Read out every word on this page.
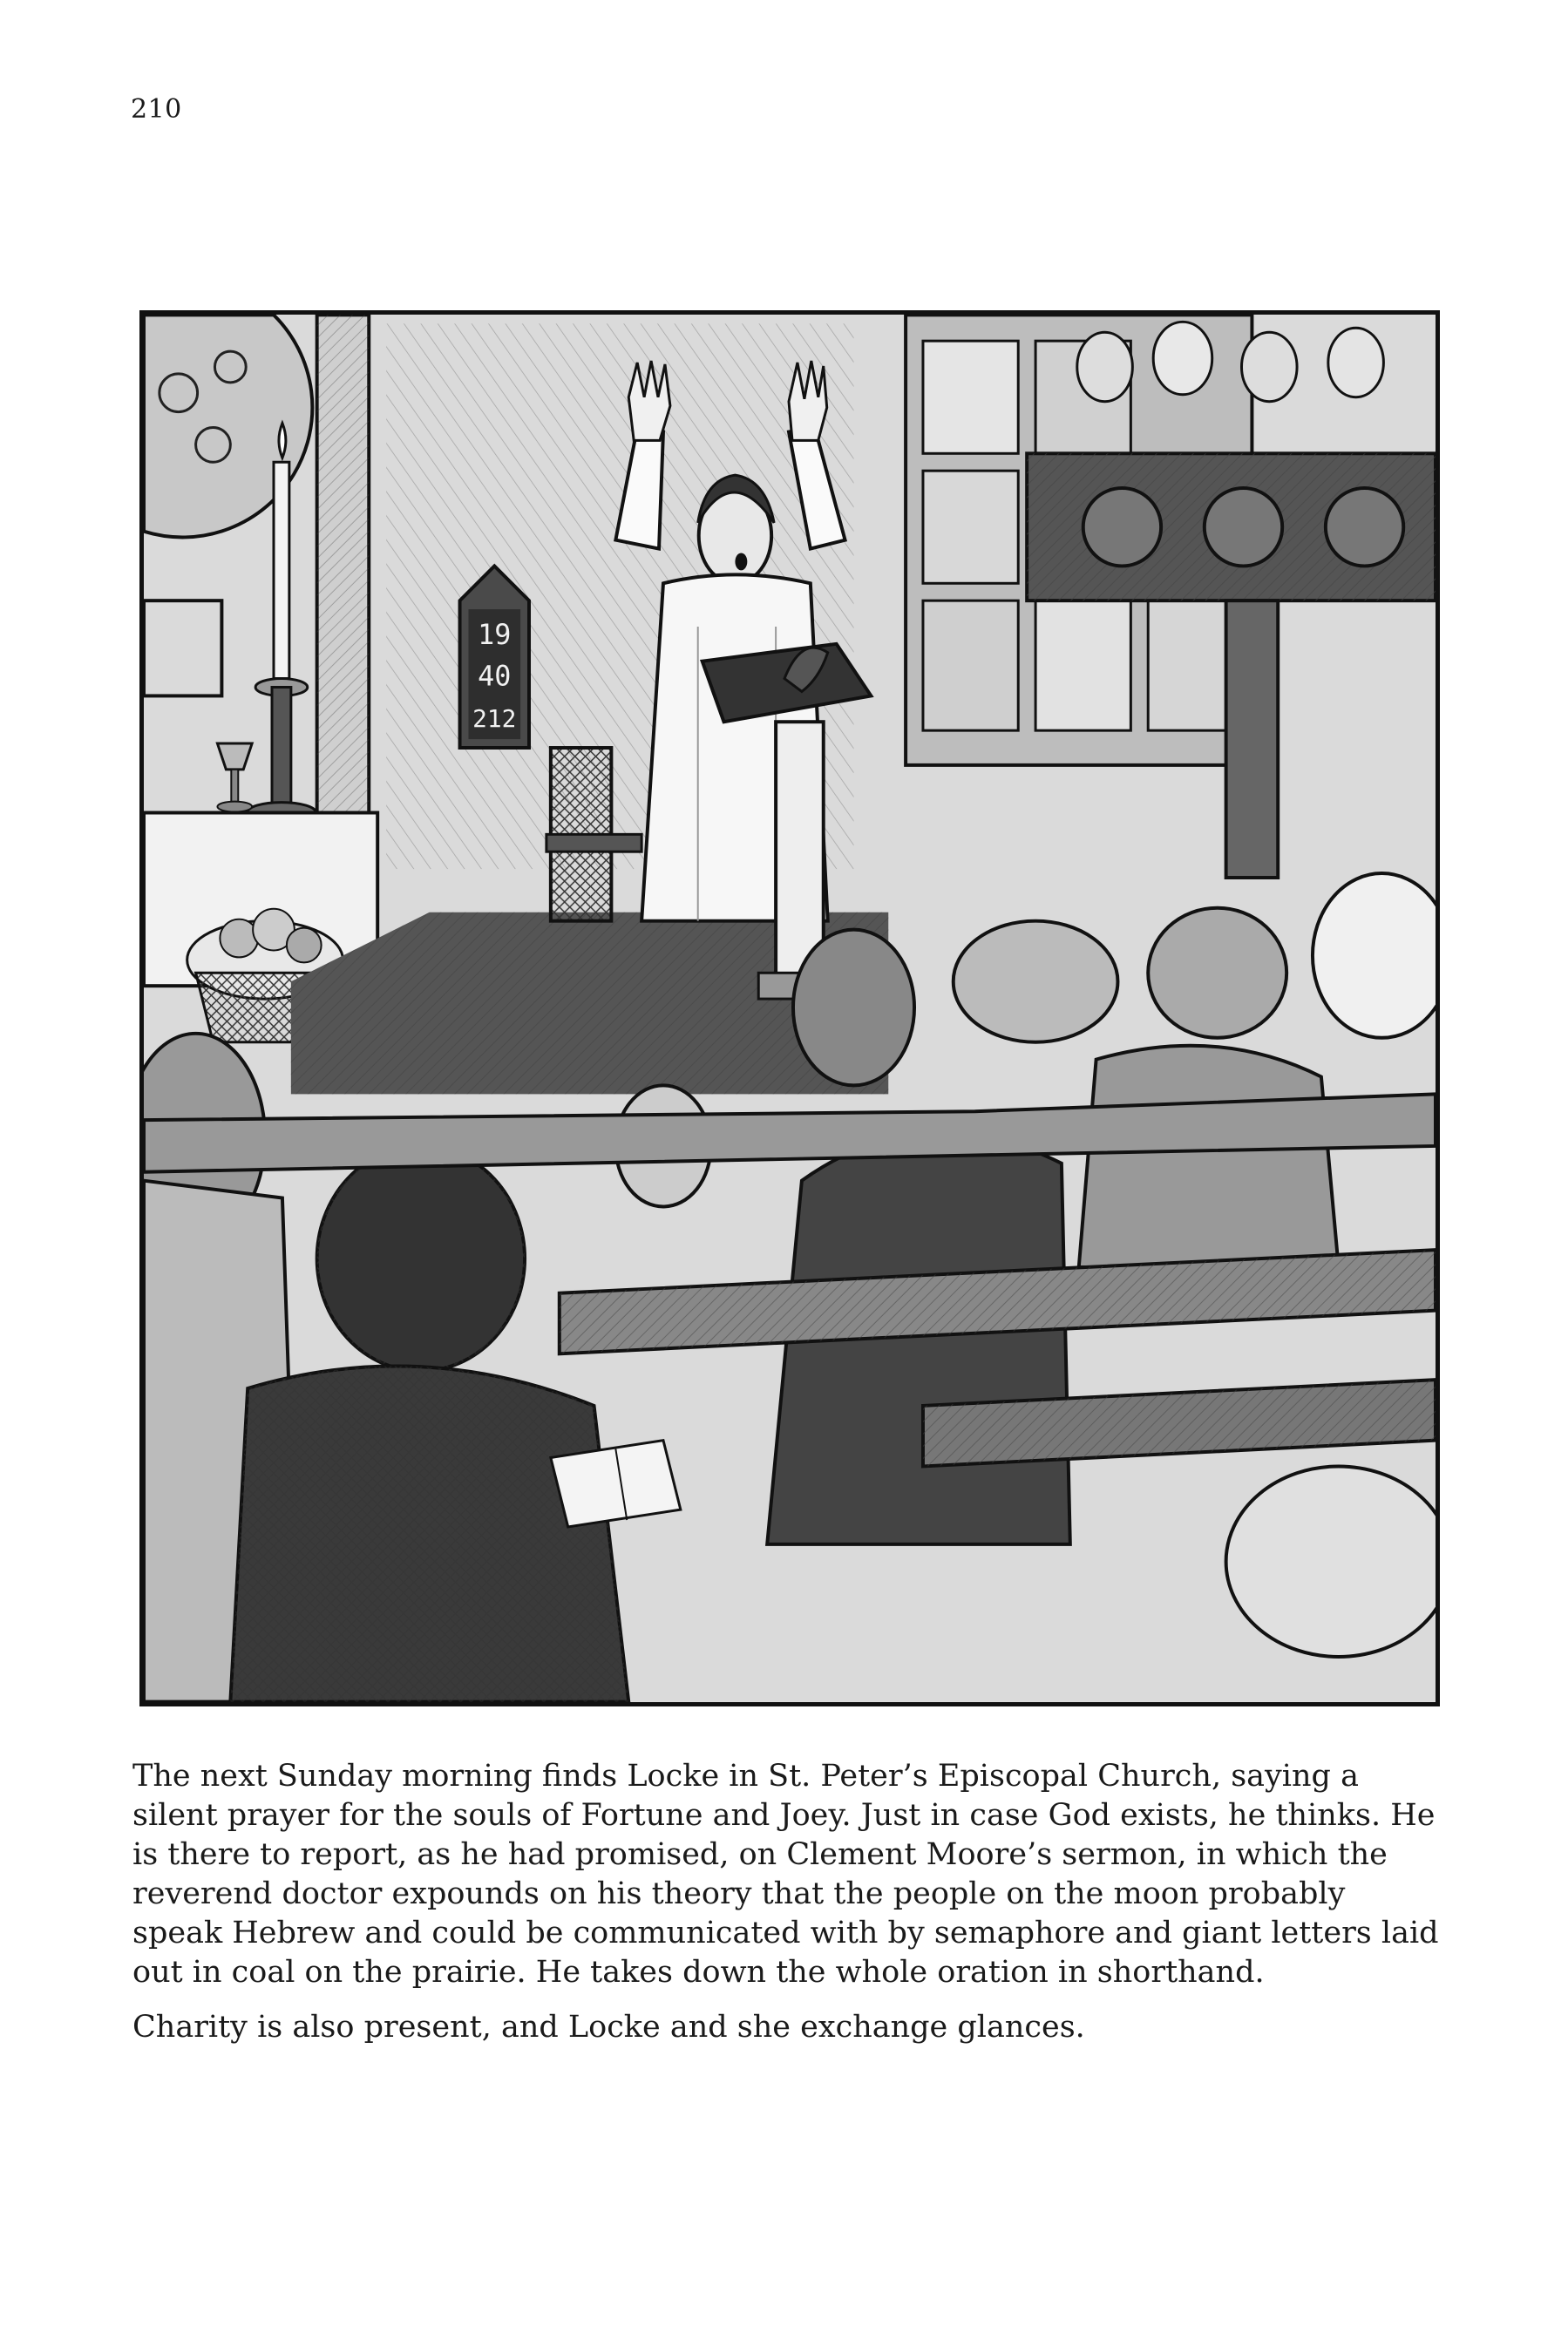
210
19
40
212

The next Sunday morning finds Locke in St. Peter’s Episcopal Church, saying a silent prayer for the souls of Fortune and Joey. Just in case God exists, he thinks. He is there to report, as he had promised, on Clement Moore’s sermon, in which the reverend doctor expounds on his theory that the people on the moon probably speak Hebrew and could be communicated with by semaphore and giant letters laid out in coal on the prairie. He takes down the whole oration in shorthand.

Charity is also present, and Locke and she exchange glances.
